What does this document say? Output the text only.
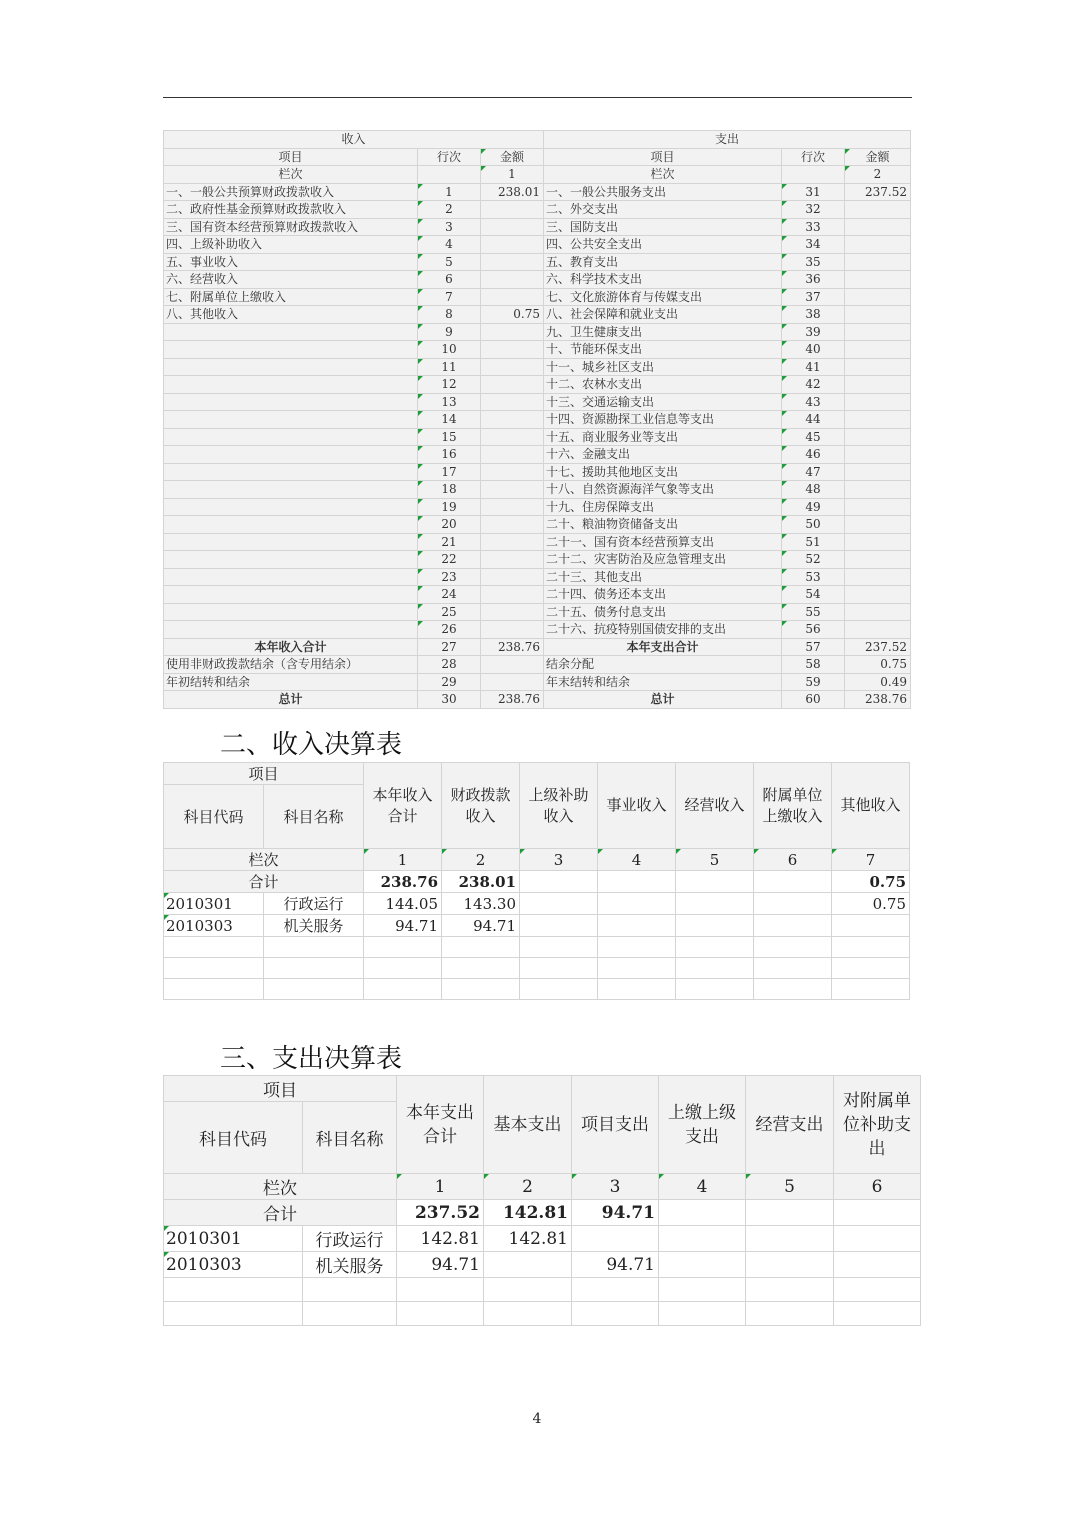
收入			支出		
项目	行次	金额	项目	行次	金额
栏次		1	栏次		2
一、一般公共预算财政拨款收入	1	238.01	一、一般公共服务支出	31	237.52
二、政府性基金预算财政拨款收入	2		二、外交支出	32	
三、国有资本经营预算财政拨款收入	3		三、国防支出	33	
四、上级补助收入	4		四、公共安全支出	34	
五、事业收入	5		五、教育支出	35	
六、经营收入	6		六、科学技术支出	36	
七、附属单位上缴收入	7		七、文化旅游体育与传媒支出	37	
八、其他收入	8	0.75	八、社会保障和就业支出	38	
	9		九、卫生健康支出	39	
	10		十、节能环保支出	40	
	11		十一、城乡社区支出	41	
	12		十二、农林水支出	42	
	13		十三、交通运输支出	43	
	14		十四、资源勘探工业信息等支出	44	
	15		十五、商业服务业等支出	45	
	16		十六、金融支出	46	
	17		十七、援助其他地区支出	47	
	18		十八、自然资源海洋气象等支出	48	
	19		十九、住房保障支出	49	
	20		二十、粮油物资储备支出	50	
	21		二十一、国有资本经营预算支出	51	
	22		二十二、灾害防治及应急管理支出	52	
	23		二十三、其他支出	53	
	24		二十四、债务还本支出	54	
	25		二十五、债务付息支出	55	
	26		二十六、抗疫特别国债安排的支出	56	
本年收入合计	27	238.76	本年支出合计	57	237.52
使用非财政拨款结余（含专用结余）	28		结余分配	58	0.75
年初结转和结余	29		年末结转和结余	59	0.49
总计	30	238.76	总计	60	238.76
二、收入决算表
项目		本年收入合计	财政拨款收入	上级补助收入	事业收入	经营收入	附属单位上缴收入	其他收入
科目代码	科目名称							
栏次		1	2	3	4	5	6	7
合计		238.76	238.01					0.75
2010301	行政运行	144.05	143.30					0.75
2010303	机关服务	94.71	94.71					

三、支出决算表
项目		本年支出合计	基本支出	项目支出	上缴上级支出	经营支出	对附属单位补助支出
科目代码	科目名称						
栏次		1	2	3	4	5	6
合计		237.52	142.81	94.71			
2010301	行政运行	142.81	142.81				
2010303	机关服务	94.71		94.71			

4
